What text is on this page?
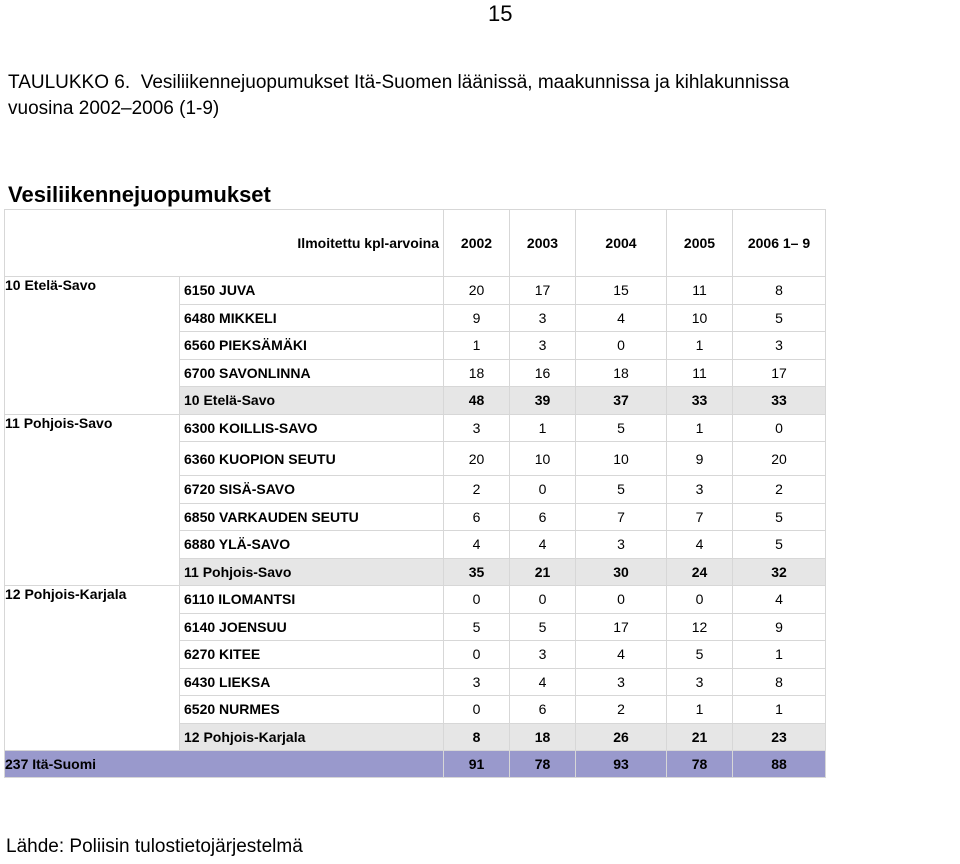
15
TAULUKKO 6. Vesiliikennejuopumukset Itä-Suomen läänissä, maakunnissa ja kihlakunnissa
vuosina 2002–2006 (1-9)
Vesiliikennejuopumukset
Ilmoitettu kpl-arvoina		2002	2003	2004	2005	2006 1– 9
10 Etelä-Savo	6150 JUVA	20	17	15	11	8
	6480 MIKKELI	9	3	4	10	5
	6560 PIEKSÄMÄKI	1	3	0	1	3
	6700 SAVONLINNA	18	16	18	11	17
	10 Etelä-Savo	48	39	37	33	33
11 Pohjois-Savo	6300 KOILLIS-SAVO	3	1	5	1	0
	6360 KUOPION SEUTU	20	10	10	9	20
	6720 SISÄ-SAVO	2	0	5	3	2
	6850 VARKAUDEN SEUTU	6	6	7	7	5
	6880 YLÄ-SAVO	4	4	3	4	5
	11 Pohjois-Savo	35	21	30	24	32
12 Pohjois-Karjala	6110 ILOMANTSI	0	0	0	0	4
	6140 JOENSUU	5	5	17	12	9
	6270 KITEE	0	3	4	5	1
	6430 LIEKSA	3	4	3	3	8
	6520 NURMES	0	6	2	1	1
	12 Pohjois-Karjala	8	18	26	21	23
237 Itä-Suomi		91	78	93	78	88
Lähde: Poliisin tulostietojärjestelmä
